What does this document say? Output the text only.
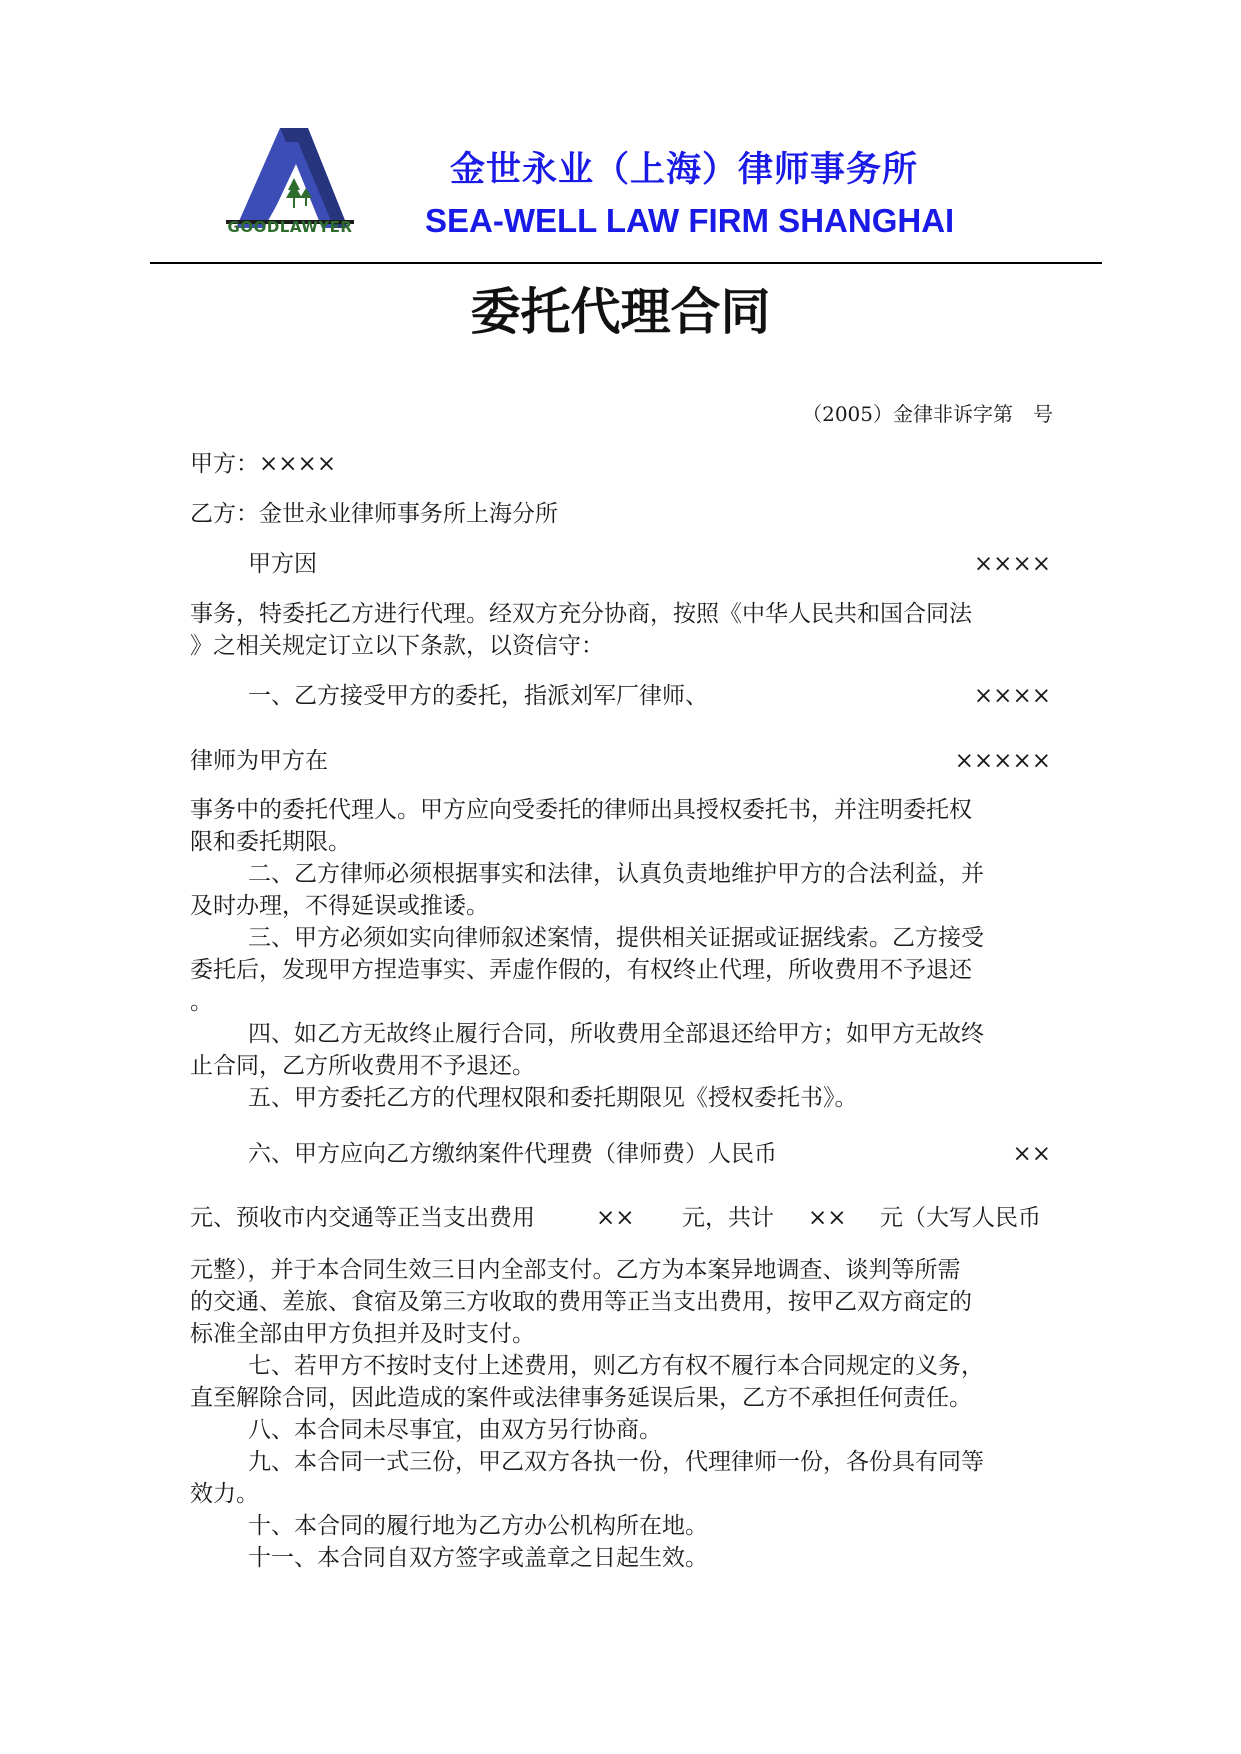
GOODLAWYER
金世永业（上海）律师事务所
SEA-WELL LAW FIRM SHANGHAI
委托代理合同
（2005）金律非诉字第　号
甲方：××××
乙方：金世永业律师事务所上海分所
甲方因	××××
事务，特委托乙方进行代理。经双方充分协商，按照《中华人民共和国合同法
》之相关规定订立以下条款，以资信守：
一、乙方接受甲方的委托，指派刘军厂律师、	××××
律师为甲方在	×××××
事务中的委托代理人。甲方应向受委托的律师出具授权委托书，并注明委托权
限和委托期限。
二、乙方律师必须根据事实和法律，认真负责地维护甲方的合法利益，并
及时办理，不得延误或推诿。
三、甲方必须如实向律师叙述案情，提供相关证据或证据线索。乙方接受
委托后，发现甲方捏造事实、弄虚作假的，有权终止代理，所收费用不予退还
。
四、如乙方无故终止履行合同，所收费用全部退还给甲方；如甲方无故终
止合同，乙方所收费用不予退还。
五、甲方委托乙方的代理权限和委托期限见《授权委托书》。
六、甲方应向乙方缴纳案件代理费（律师费）人民币	××
元、预收市内交通等正当支出费用	×× 元，共计 ×× 元（大写人民币
元整），并于本合同生效三日内全部支付。乙方为本案异地调查、谈判等所需
的交通、差旅、食宿及第三方收取的费用等正当支出费用，按甲乙双方商定的
标准全部由甲方负担并及时支付。
七、若甲方不按时支付上述费用，则乙方有权不履行本合同规定的义务，
直至解除合同，因此造成的案件或法律事务延误后果，乙方不承担任何责任。
八、本合同未尽事宜，由双方另行协商。
九、本合同一式三份，甲乙双方各执一份，代理律师一份，各份具有同等
效力。
十、本合同的履行地为乙方办公机构所在地。
十一、本合同自双方签字或盖章之日起生效。
